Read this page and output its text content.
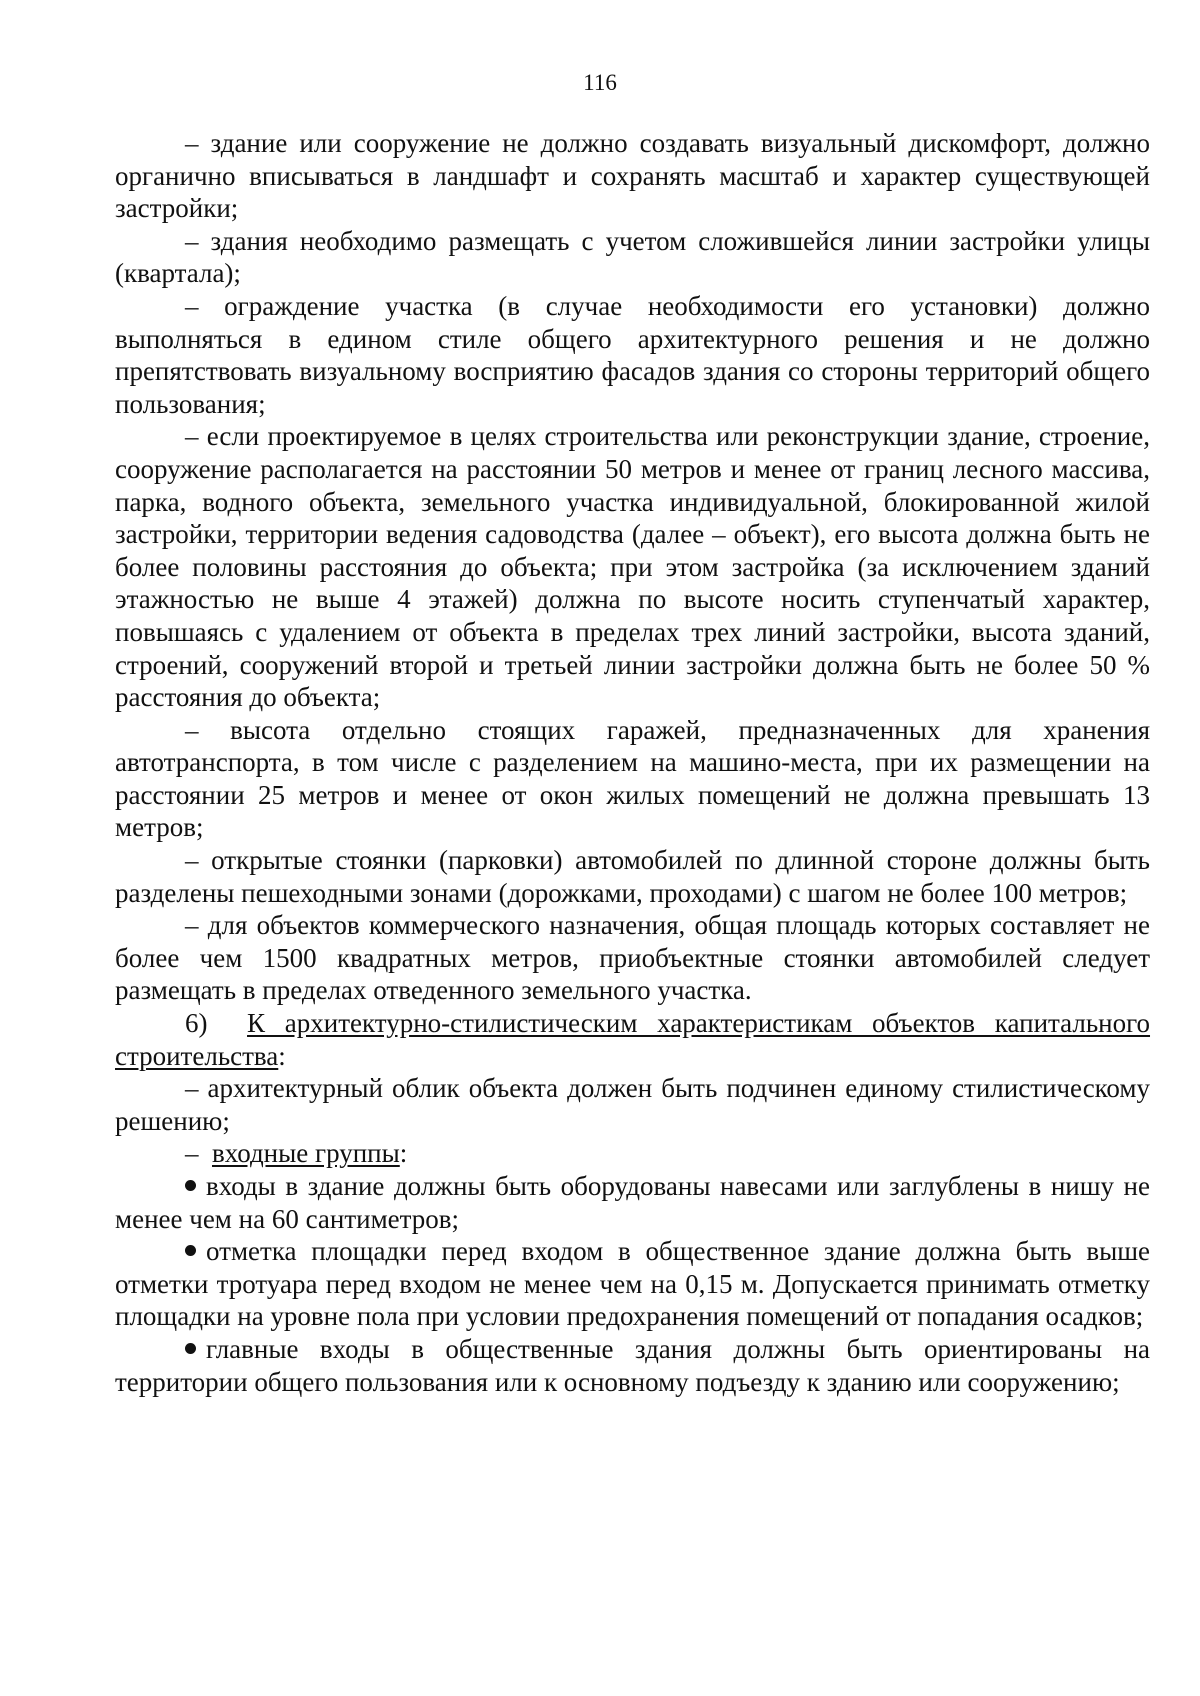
116

– здание или сооружение не должно создавать визуальный дискомфорт, должно органично вписываться в ландшафт и сохранять масштаб и характер существующей застройки;

– здания необходимо размещать с учетом сложившейся линии застройки улицы (квартала);

– ограждение участка (в случае необходимости его установки) должно выполняться в едином стиле общего архитектурного решения и не должно препятствовать визуальному восприятию фасадов здания со стороны территорий общего пользования;

– если проектируемое в целях строительства или реконструкции здание, строение, сооружение располагается на расстоянии 50 метров и менее от границ лесного массива, парка, водного объекта, земельного участка индивидуальной, блокированной жилой застройки, территории ведения садоводства (далее – объект), его высота должна быть не более половины расстояния до объекта; при этом застройка (за исключением зданий этажностью не выше 4 этажей) должна по высоте носить ступенчатый характер, повышаясь с удалением от объекта в пределах трех линий застройки, высота зданий, строений, сооружений второй и третьей линии застройки должна быть не более 50 % расстояния до объекта;

– высота отдельно стоящих гаражей, предназначенных для хранения автотранспорта, в том числе с разделением на машино-места, при их размещении на расстоянии 25 метров и менее от окон жилых помещений не должна превышать 13 метров;

– открытые стоянки (парковки) автомобилей по длинной стороне должны быть разделены пешеходными зонами (дорожками, проходами) с шагом не более 100 метров;

– для объектов коммерческого назначения, общая площадь которых составляет не более чем 1500 квадратных метров, приобъектные стоянки автомобилей следует размещать в пределах отведенного земельного участка.

6) К архитектурно-стилистическим характеристикам объектов капитального строительства:

– архитектурный облик объекта должен быть подчинен единому стилистическому решению;

– входные группы:

входы в здание должны быть оборудованы навесами или заглублены в нишу не менее чем на 60 сантиметров;

отметка площадки перед входом в общественное здание должна быть выше отметки тротуара перед входом не менее чем на 0,15 м. Допускается принимать отметку площадки на уровне пола при условии предохранения помещений от попадания осадков;

главные входы в общественные здания должны быть ориентированы на территории общего пользования или к основному подъезду к зданию или сооружению;
